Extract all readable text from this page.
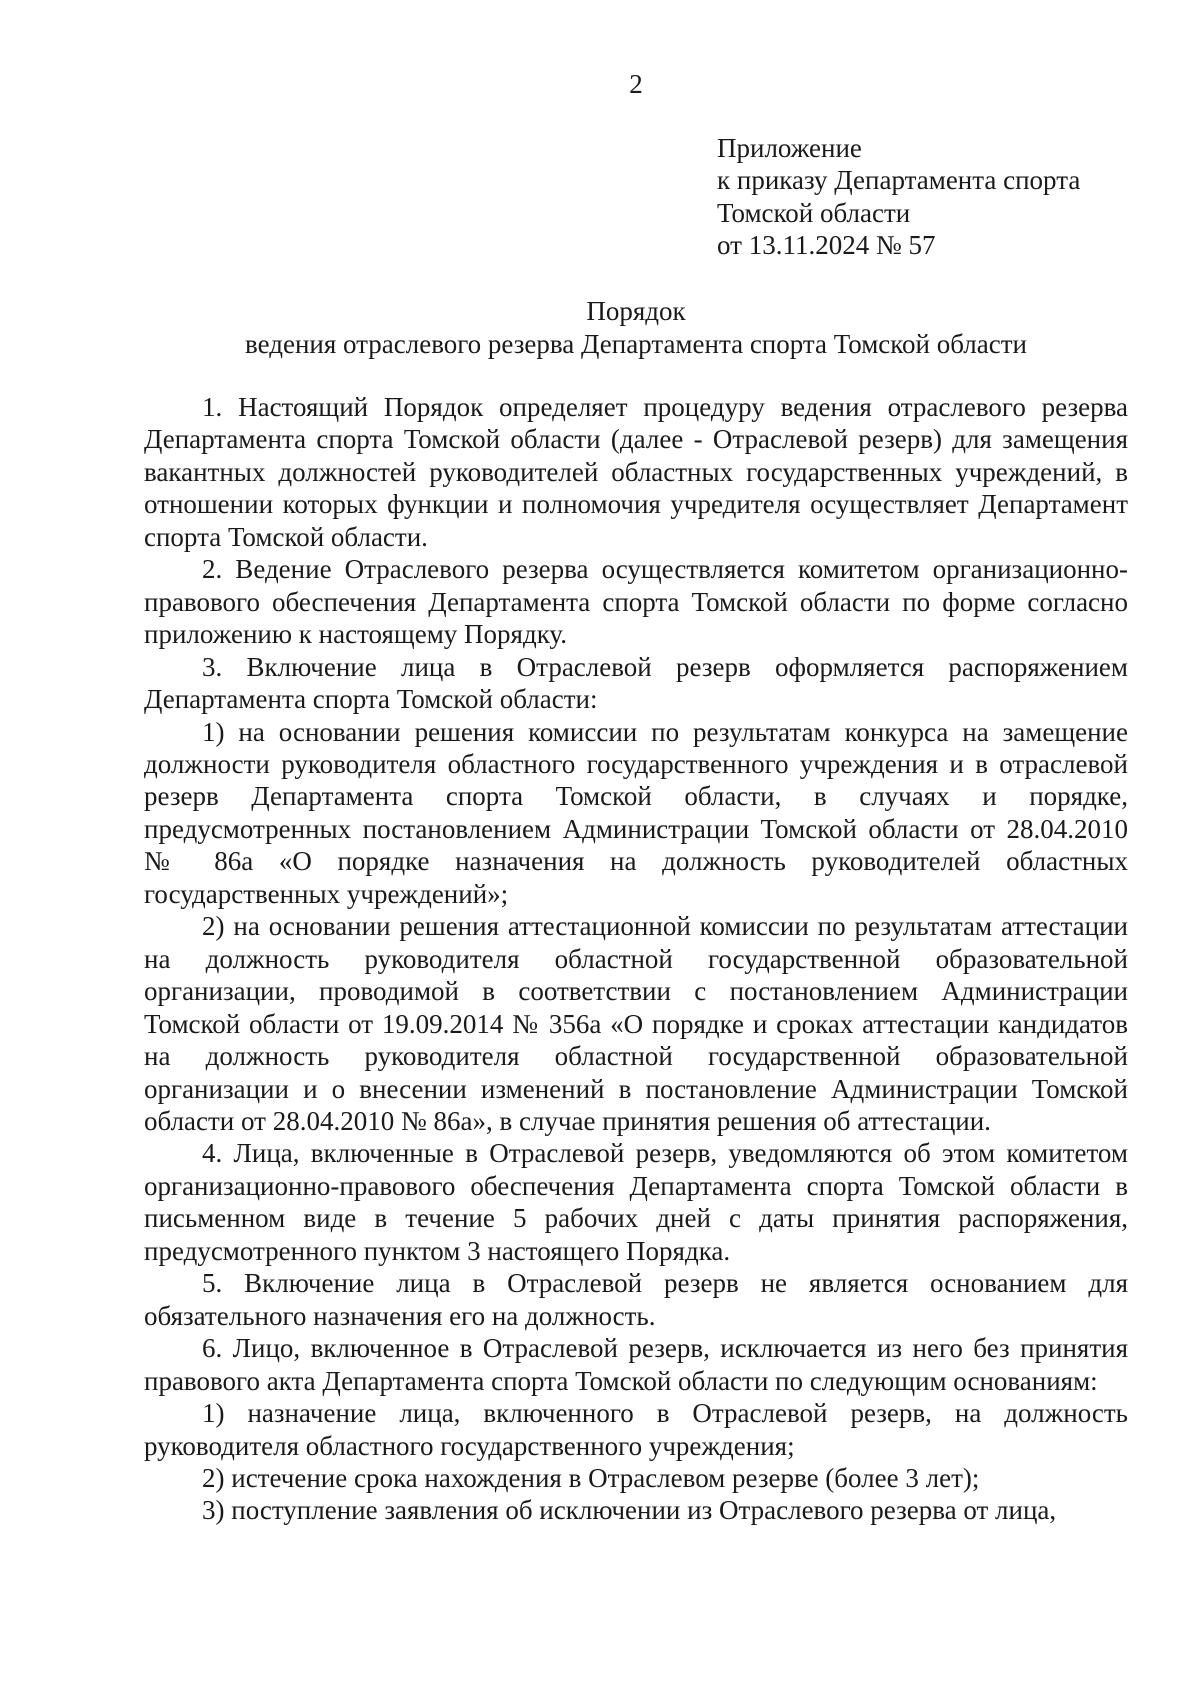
2
Приложение
к приказу Департамента спорта
Томской области
от 13.11.2024 № 57
Порядок
ведения отраслевого резерва Департамента спорта Томской области

1. Настоящий Порядок определяет процедуру ведения отраслевого резерва Департамента спорта Томской области (далее - Отраслевой резерв) для замещения вакантных должностей руководителей областных государственных учреждений, в отношении которых функции и полномочия учредителя осуществляет Департамент спорта Томской области.

2. Ведение Отраслевого резерва осуществляется комитетом организационно-правового обеспечения Департамента спорта Томской области по форме согласно приложению к настоящему Порядку.

3. Включение лица в Отраслевой резерв оформляется распоряжением Департамента спорта Томской области:

1) на основании решения комиссии по результатам конкурса на замещение должности руководителя областного государственного учреждения и в отраслевой резерв Департамента спорта Томской области, в случаях и порядке, предусмотренных постановлением Администрации Томской области от 28.04.2010 № 86а «О порядке назначения на должность руководителей областных государственных учреждений»;

2) на основании решения аттестационной комиссии по результатам аттестации на должность руководителя областной государственной образовательной организации, проводимой в соответствии с постановлением Администрации Томской области от 19.09.2014 № 356а «О порядке и сроках аттестации кандидатов на должность руководителя областной государственной образовательной организации и о внесении изменений в постановление Администрации Томской области от 28.04.2010 № 86а», в случае принятия решения об аттестации.

4. Лица, включенные в Отраслевой резерв, уведомляются об этом комитетом организационно-правового обеспечения Департамента спорта Томской области в письменном виде в течение 5 рабочих дней с даты принятия распоряжения, предусмотренного пунктом 3 настоящего Порядка.

5. Включение лица в Отраслевой резерв не является основанием для обязательного назначения его на должность.

6. Лицо, включенное в Отраслевой резерв, исключается из него без принятия правового акта Департамента спорта Томской области по следующим основаниям:

1) назначение лица, включенного в Отраслевой резерв, на должность руководителя областного государственного учреждения;

2) истечение срока нахождения в Отраслевом резерве (более 3 лет);

3) поступление заявления об исключении из Отраслевого резерва от лица,
